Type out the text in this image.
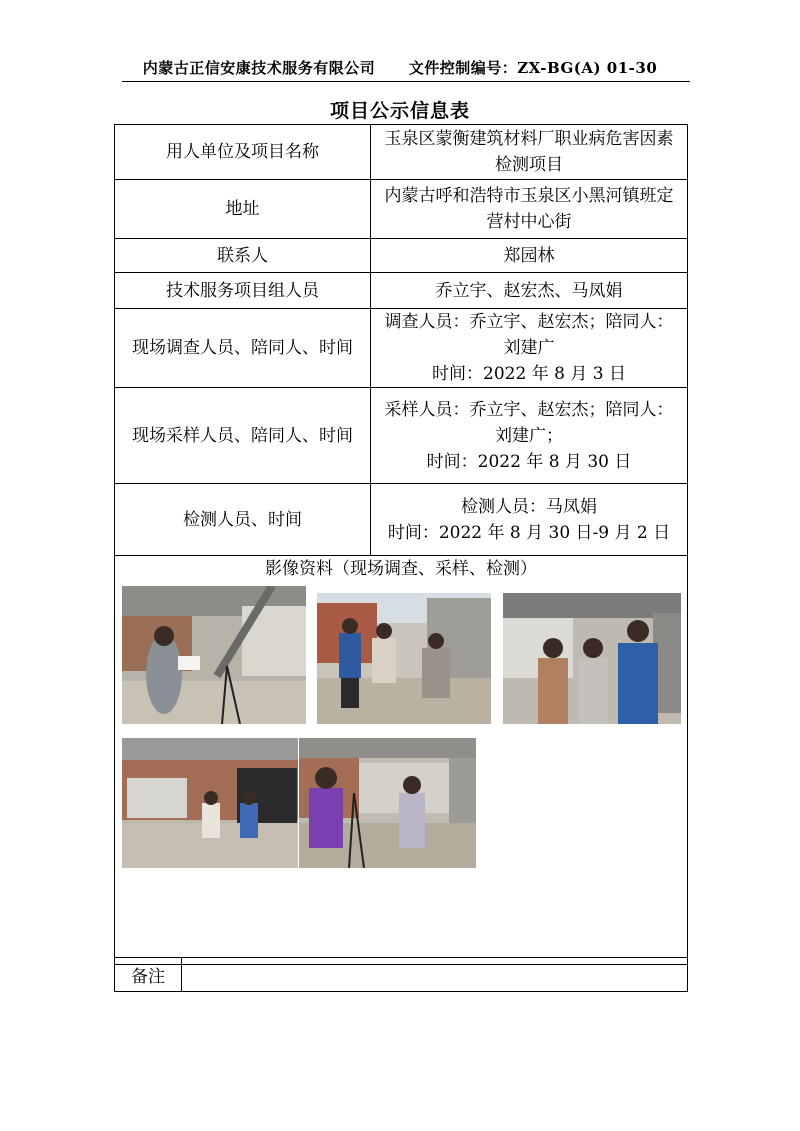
内蒙古正信安康技术服务有限公司 文件控制编号：ZX-BG(A) 01-30
项目公示信息表
用人单位及项目名称	玉泉区蒙衡建筑材料厂职业病危害因素检测项目
地址	内蒙古呼和浩特市玉泉区小黑河镇班定营村中心街
联系人	郑园林
技术服务项目组人员	乔立宇、赵宏杰、马凤娟
现场调查人员、陪同人、时间	调查人员：乔立宇、赵宏杰；陪同人：刘建广
时间：2022 年 8 月 3 日

现场采样人员、陪同人、时间	采样人员：乔立宇、赵宏杰；陪同人：刘建广；
时间：2022 年 8 月 30 日

检测人员、时间	检测人员：马凤娟
时间：2022 年 8 月 30 日-9 月 2 日

影像资料（现场调查、采样、检测）	
备注	
